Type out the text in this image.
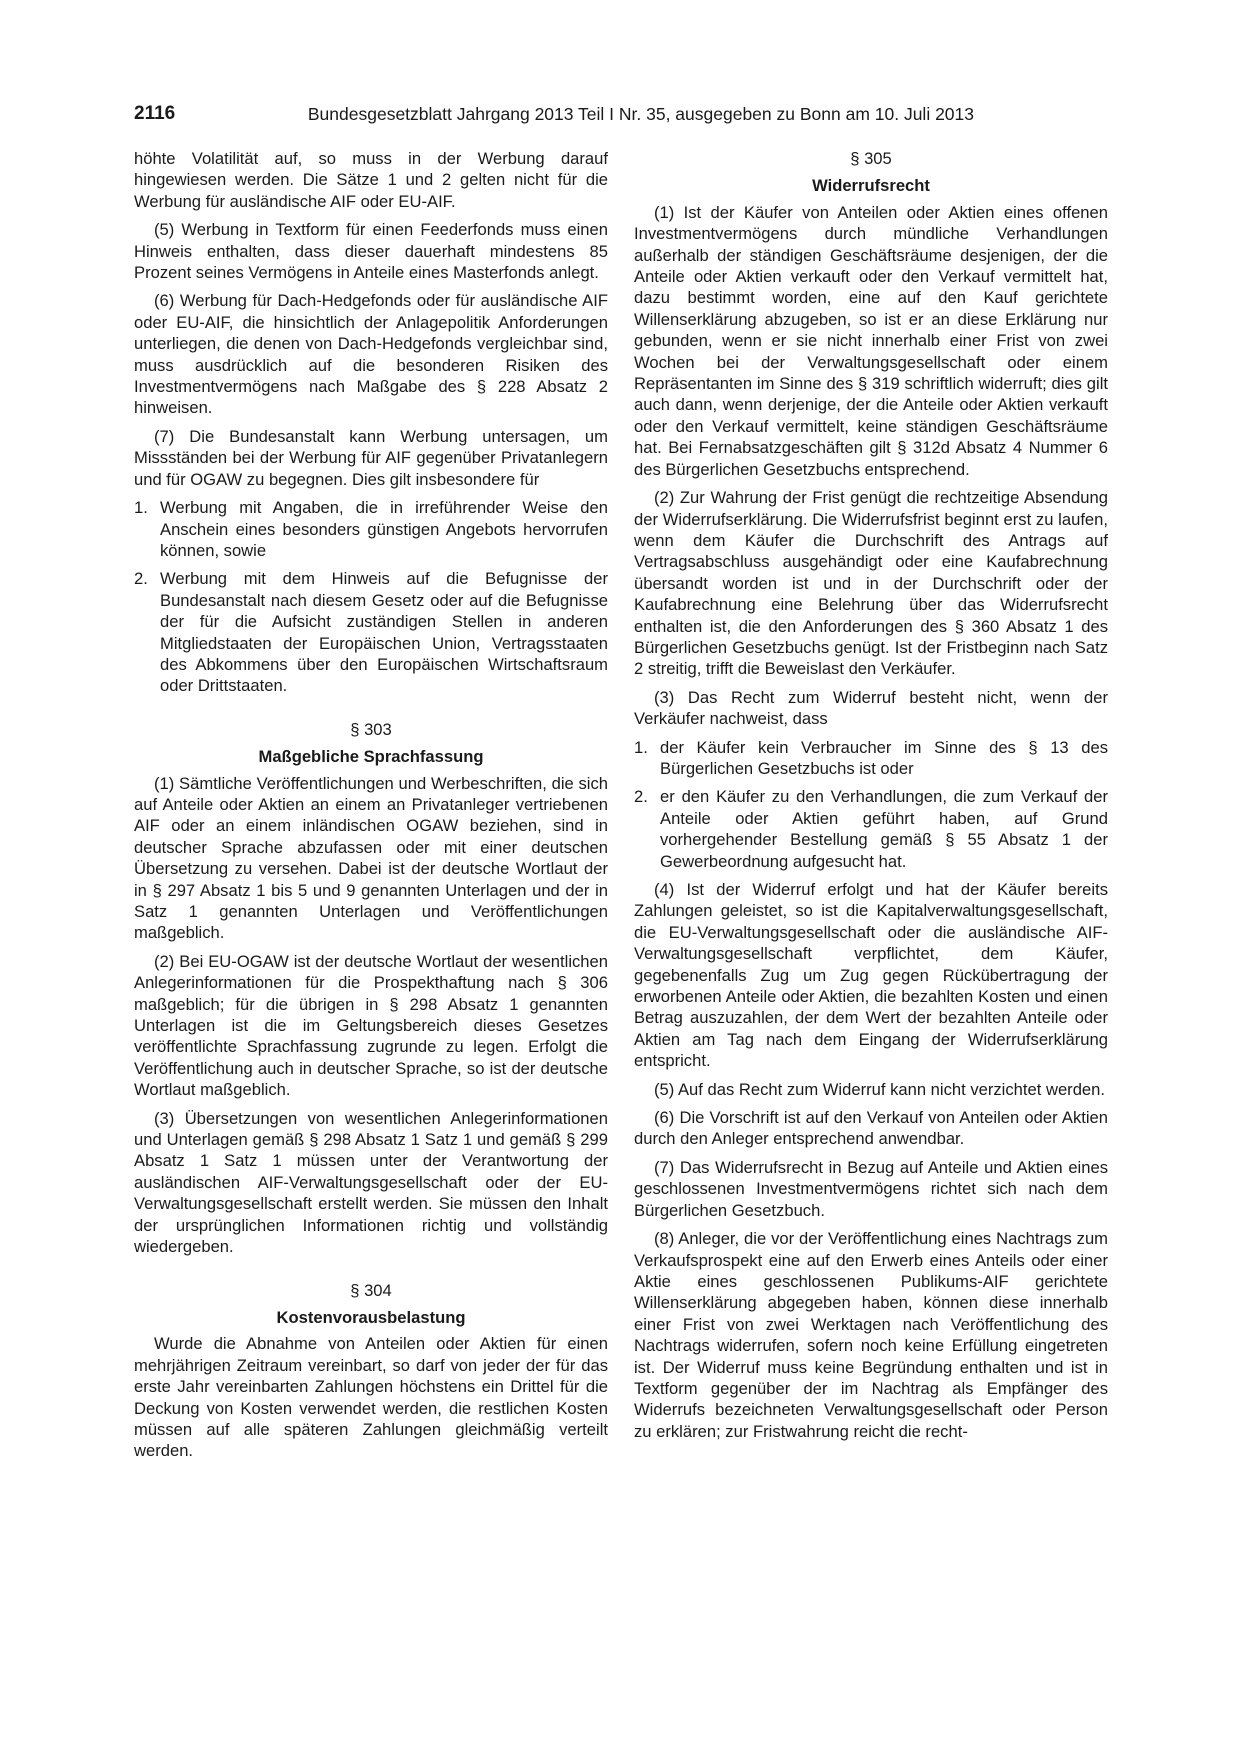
2116	Bundesgesetzblatt Jahrgang 2013 Teil I Nr. 35, ausgegeben zu Bonn am 10. Juli 2013

höhte Volatilität auf, so muss in der Werbung darauf hingewiesen werden. Die Sätze 1 und 2 gelten nicht für die Werbung für ausländische AIF oder EU-AIF.

(5) Werbung in Textform für einen Feederfonds muss einen Hinweis enthalten, dass dieser dauerhaft mindestens 85 Prozent seines Vermögens in Anteile eines Masterfonds anlegt.

(6) Werbung für Dach-Hedgefonds oder für ausländische AIF oder EU-AIF, die hinsichtlich der Anlagepolitik Anforderungen unterliegen, die denen von Dach-Hedgefonds vergleichbar sind, muss ausdrücklich auf die besonderen Risiken des Investmentvermögens nach Maßgabe des § 228 Absatz 2 hinweisen.

(7) Die Bundesanstalt kann Werbung untersagen, um Missständen bei der Werbung für AIF gegenüber Privatanlegern und für OGAW zu begegnen. Dies gilt insbesondere für

1. Werbung mit Angaben, die in irreführender Weise den Anschein eines besonders günstigen Angebots hervorrufen können, sowie
2. Werbung mit dem Hinweis auf die Befugnisse der Bundesanstalt nach diesem Gesetz oder auf die Befugnisse der für die Aufsicht zuständigen Stellen in anderen Mitgliedstaaten der Europäischen Union, Vertragsstaaten des Abkommens über den Europäischen Wirtschaftsraum oder Drittstaaten.
§ 303
Maßgebliche Sprachfassung

(1) Sämtliche Veröffentlichungen und Werbeschriften, die sich auf Anteile oder Aktien an einem an Privatanleger vertriebenen AIF oder an einem inländischen OGAW beziehen, sind in deutscher Sprache abzufassen oder mit einer deutschen Übersetzung zu versehen. Dabei ist der deutsche Wortlaut der in § 297 Absatz 1 bis 5 und 9 genannten Unterlagen und der in Satz 1 genannten Unterlagen und Veröffentlichungen maßgeblich.

(2) Bei EU-OGAW ist der deutsche Wortlaut der wesentlichen Anlegerinformationen für die Prospekthaftung nach § 306 maßgeblich; für die übrigen in § 298 Absatz 1 genannten Unterlagen ist die im Geltungsbereich dieses Gesetzes veröffentlichte Sprachfassung zugrunde zu legen. Erfolgt die Veröffentlichung auch in deutscher Sprache, so ist der deutsche Wortlaut maßgeblich.

(3) Übersetzungen von wesentlichen Anlegerinformationen und Unterlagen gemäß § 298 Absatz 1 Satz 1 und gemäß § 299 Absatz 1 Satz 1 müssen unter der Verantwortung der ausländischen AIF-Verwaltungsgesellschaft oder der EU-Verwaltungsgesellschaft erstellt werden. Sie müssen den Inhalt der ursprünglichen Informationen richtig und vollständig wiedergeben.

§ 304
Kostenvorausbelastung

Wurde die Abnahme von Anteilen oder Aktien für einen mehrjährigen Zeitraum vereinbart, so darf von jeder der für das erste Jahr vereinbarten Zahlungen höchstens ein Drittel für die Deckung von Kosten verwendet werden, die restlichen Kosten müssen auf alle späteren Zahlungen gleichmäßig verteilt werden.

§ 305
Widerrufsrecht

(1) Ist der Käufer von Anteilen oder Aktien eines offenen Investmentvermögens durch mündliche Verhandlungen außerhalb der ständigen Geschäftsräume desjenigen, der die Anteile oder Aktien verkauft oder den Verkauf vermittelt hat, dazu bestimmt worden, eine auf den Kauf gerichtete Willenserklärung abzugeben, so ist er an diese Erklärung nur gebunden, wenn er sie nicht innerhalb einer Frist von zwei Wochen bei der Verwaltungsgesellschaft oder einem Repräsentanten im Sinne des § 319 schriftlich widerruft; dies gilt auch dann, wenn derjenige, der die Anteile oder Aktien verkauft oder den Verkauf vermittelt, keine ständigen Geschäftsräume hat. Bei Fernabsatzgeschäften gilt § 312d Absatz 4 Nummer 6 des Bürgerlichen Gesetzbuchs entsprechend.

(2) Zur Wahrung der Frist genügt die rechtzeitige Absendung der Widerrufserklärung. Die Widerrufsfrist beginnt erst zu laufen, wenn dem Käufer die Durchschrift des Antrags auf Vertragsabschluss ausgehändigt oder eine Kaufabrechnung übersandt worden ist und in der Durchschrift oder der Kaufabrechnung eine Belehrung über das Widerrufsrecht enthalten ist, die den Anforderungen des § 360 Absatz 1 des Bürgerlichen Gesetzbuchs genügt. Ist der Fristbeginn nach Satz 2 streitig, trifft die Beweislast den Verkäufer.

(3) Das Recht zum Widerruf besteht nicht, wenn der Verkäufer nachweist, dass

1. der Käufer kein Verbraucher im Sinne des § 13 des Bürgerlichen Gesetzbuchs ist oder
2. er den Käufer zu den Verhandlungen, die zum Verkauf der Anteile oder Aktien geführt haben, auf Grund vorhergehender Bestellung gemäß § 55 Absatz 1 der Gewerbeordnung aufgesucht hat.

(4) Ist der Widerruf erfolgt und hat der Käufer bereits Zahlungen geleistet, so ist die Kapitalverwaltungsgesellschaft, die EU-Verwaltungsgesellschaft oder die ausländische AIF-Verwaltungsgesellschaft verpflichtet, dem Käufer, gegebenenfalls Zug um Zug gegen Rückübertragung der erworbenen Anteile oder Aktien, die bezahlten Kosten und einen Betrag auszuzahlen, der dem Wert der bezahlten Anteile oder Aktien am Tag nach dem Eingang der Widerrufserklärung entspricht.

(5) Auf das Recht zum Widerruf kann nicht verzichtet werden.

(6) Die Vorschrift ist auf den Verkauf von Anteilen oder Aktien durch den Anleger entsprechend anwendbar.

(7) Das Widerrufsrecht in Bezug auf Anteile und Aktien eines geschlossenen Investmentvermögens richtet sich nach dem Bürgerlichen Gesetzbuch.

(8) Anleger, die vor der Veröffentlichung eines Nachtrags zum Verkaufsprospekt eine auf den Erwerb eines Anteils oder einer Aktie eines geschlossenen Publikums-AIF gerichtete Willenserklärung abgegeben haben, können diese innerhalb einer Frist von zwei Werktagen nach Veröffentlichung des Nachtrags widerrufen, sofern noch keine Erfüllung eingetreten ist. Der Widerruf muss keine Begründung enthalten und ist in Textform gegenüber der im Nachtrag als Empfänger des Widerrufs bezeichneten Verwaltungsgesellschaft oder Person zu erklären; zur Fristwahrung reicht die recht-
